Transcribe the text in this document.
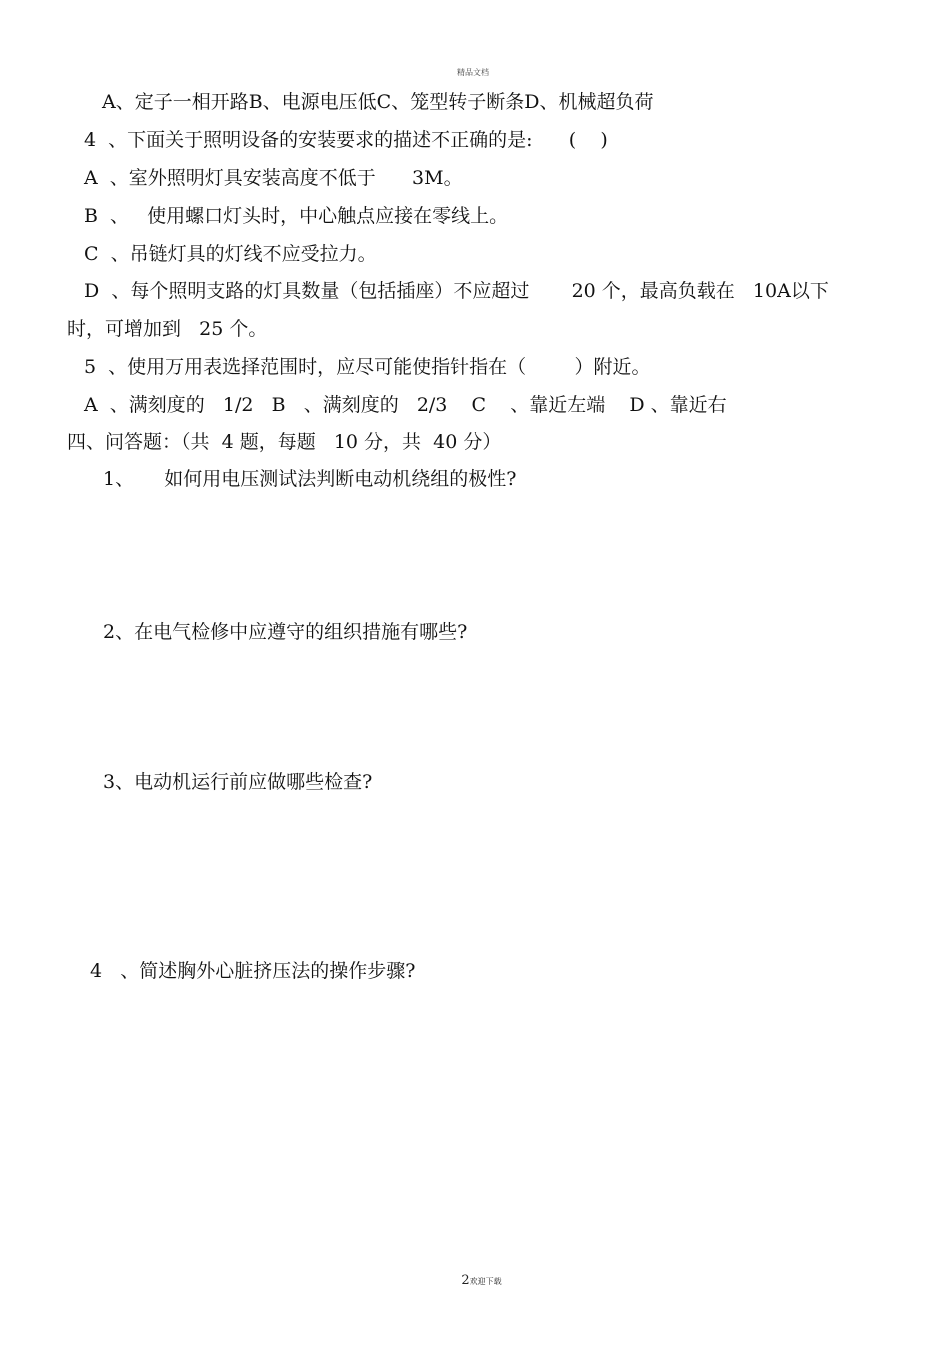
精品文档
A、定子一相开路B、电源电压低C、笼型转子断条D、机械超负荷
4  、下面关于照明设备的安装要求的描述不正确的是:      (    )
A  、室外照明灯具安装高度不低于      3M。
B  、   使用螺口灯头时，中心触点应接在零线上。
C  、吊链灯具的灯线不应受拉力。
D  、每个照明支路的灯具数量（包括插座）不应超过       20 个，最高负载在   10A以下
时，可增加到   25 个。
5  、使用万用表选择范围时，应尽可能使指针指在（        ）附近。
A  、满刻度的   1/2   B   、满刻度的   2/3    C    、靠近左端    D 、靠近右
四、问答题：（共  4 题，每题   10 分，共  40 分）
1、     如何用电压测试法判断电动机绕组的极性?
2、在电气检修中应遵守的组织措施有哪些?
3、电动机运行前应做哪些检查?
4   、简述胸外心脏挤压法的操作步骤?

2欢迎下载
